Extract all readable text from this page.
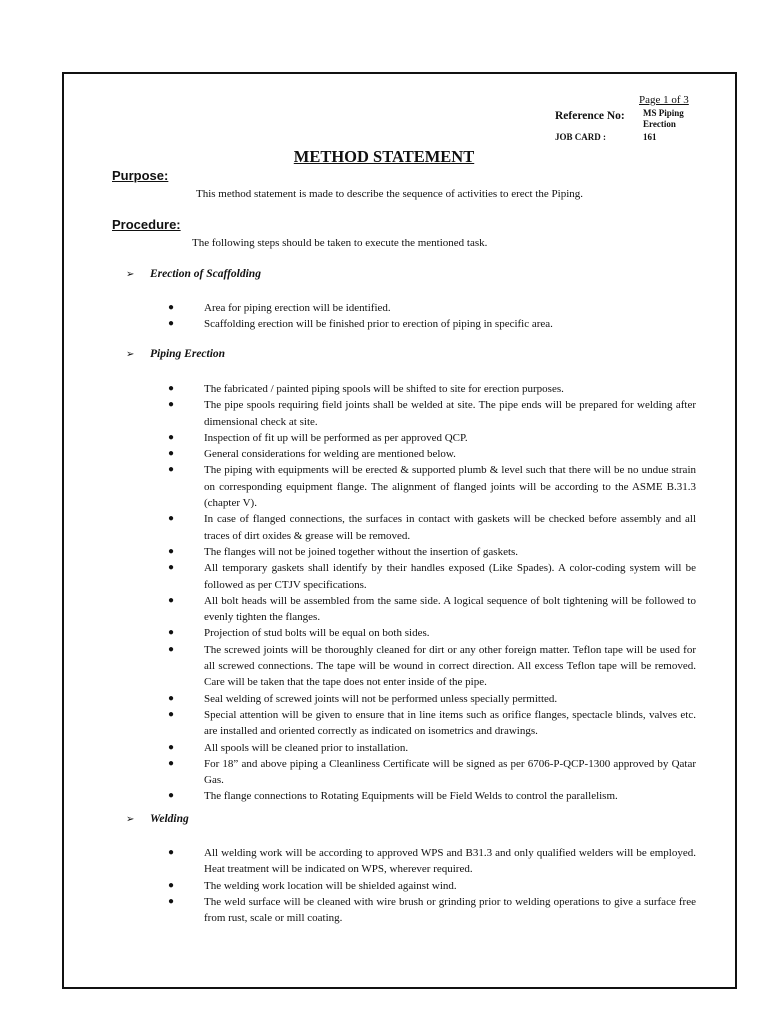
Page 1 of 3
Reference No: MS Piping Erection
JOB CARD :	161
METHOD STATEMENT
Purpose:
This method statement is made to describe the sequence of activities to erect the Piping.
Procedure:
The following steps should be taken to execute the mentioned task.
➢ Erection of Scaffolding
●	Area for piping erection will be identified.
●	Scaffolding erection will be finished prior to erection of piping in specific area.
➢ Piping Erection
●	The fabricated / painted piping spools will be shifted to site for erection purposes.
●	The pipe spools requiring field joints shall be welded at site. The pipe ends will be prepared for welding after dimensional check at site.
●	Inspection of fit up will be performed as per approved QCP.
●	General considerations for welding are mentioned below.
●	The piping with equipments will be erected & supported plumb & level such that there will be no undue strain on corresponding equipment flange. The alignment of flanged joints will be according to the ASME B.31.3 (chapter V).
●	In case of flanged connections, the surfaces in contact with gaskets will be checked before assembly and all traces of dirt oxides & grease will be removed.
●	The flanges will not be joined together without the insertion of gaskets.
●	All temporary gaskets shall identify by their handles exposed (Like Spades). A color-coding system will be followed as per CTJV specifications.
●	All bolt heads will be assembled from the same side. A logical sequence of bolt tightening will be followed to evenly tighten the flanges.
●	Projection of stud bolts will be equal on both sides.
●	The screwed joints will be thoroughly cleaned for dirt or any other foreign matter. Teflon tape will be used for all screwed connections. The tape will be wound in correct direction. All excess Teflon tape will be removed. Care will be taken that the tape does not enter inside of the pipe.
●	Seal welding of screwed joints will not be performed unless specially permitted.
●	Special attention will be given to ensure that in line items such as orifice flanges, spectacle blinds, valves etc. are installed and oriented correctly as indicated on isometrics and drawings.
●	All spools will be cleaned prior to installation.
●	For 18” and above piping a Cleanliness Certificate will be signed as per 6706-P-QCP-1300 approved by Qatar Gas.
●	The flange connections to Rotating Equipments will be Field Welds to control the parallelism.
➢ Welding
●	All welding work will be according to approved WPS and B31.3 and only qualified welders will be employed. Heat treatment will be indicated on WPS, wherever required.
●	The welding work location will be shielded against wind.
●	The weld surface will be cleaned with wire brush or grinding prior to welding operations to give a surface free from rust, scale or mill coating.
